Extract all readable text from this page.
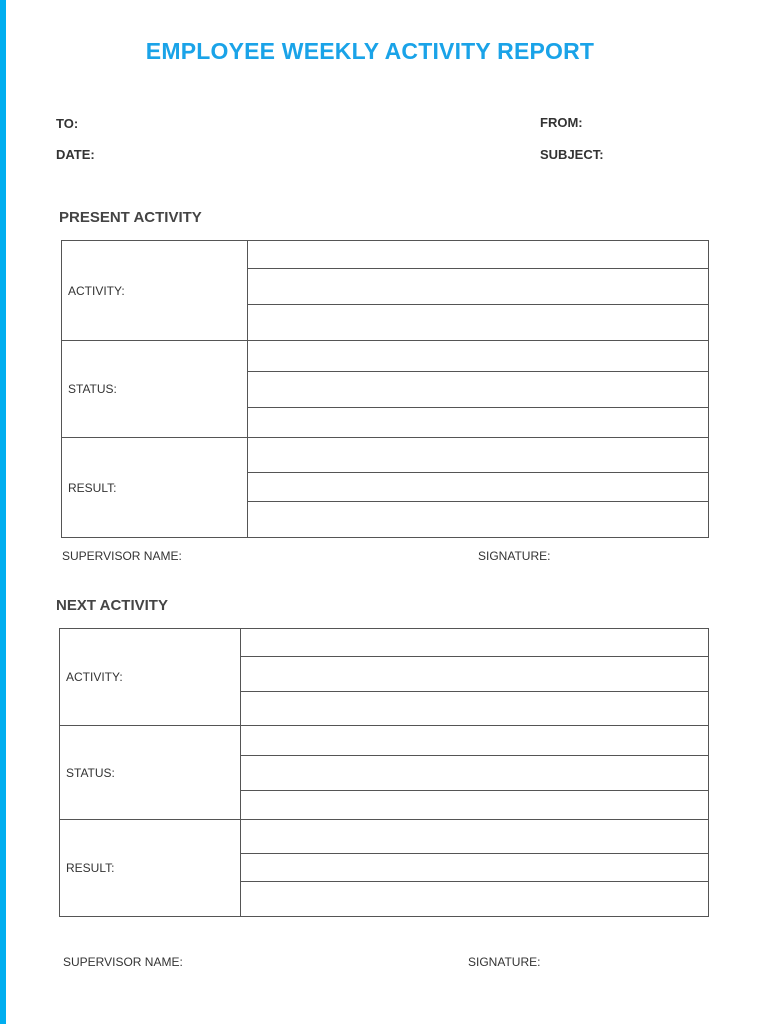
EMPLOYEE WEEKLY ACTIVITY REPORT
TO:	FROM:
DATE:	SUBJECT:
PRESENT ACTIVITY
ACTIVITY:	

STATUS:	

RESULT:	

SUPERVISOR NAME:	SIGNATURE:
NEXT ACTIVITY
ACTIVITY:	

STATUS:	

RESULT:	

SUPERVISOR NAME:	SIGNATURE:
